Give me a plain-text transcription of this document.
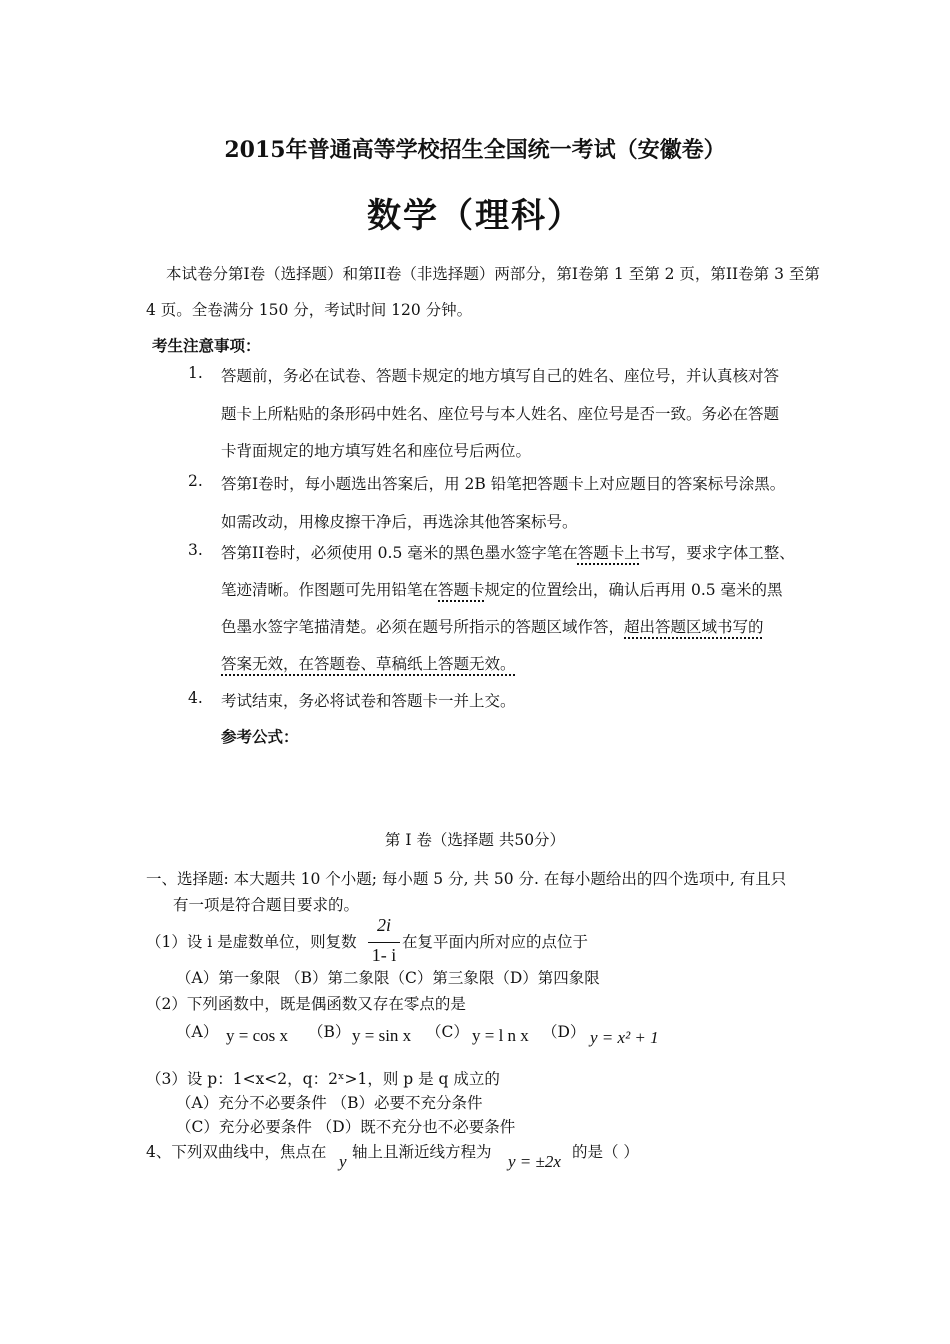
2015年普通高等学校招生全国统一考试（安徽卷）
数学（理科）
本试卷分第I卷（选择题）和第II卷（非选择题）两部分，第I卷第 1 至第 2 页，第II卷第 3 至第
4 页。全卷满分 150 分，考试时间 120 分钟。
考生注意事项：
1. 答题前，务必在试卷、答题卡规定的地方填写自己的姓名、座位号，并认真核对答
题卡上所粘贴的条形码中姓名、座位号与本人姓名、座位号是否一致。务必在答题
卡背面规定的地方填写姓名和座位号后两位。
2. 答第I卷时，每小题选出答案后，用 2B 铅笔把答题卡上对应题目的答案标号涂黑。
如需改动，用橡皮擦干净后，再选涂其他答案标号。
3. 答第II卷时，必须使用 0.5 毫米的黑色墨水签字笔在答题卡上书写，要求字体工整、
笔迹清晰。作图题可先用铅笔在答题卡规定的位置绘出，确认后再用 0.5 毫米的黑
色墨水签字笔描清楚。必须在题号所指示的答题区域作答，超出答题区域书写的
答案无效，在答题卷、草稿纸上答题无效。
4. 考试结束，务必将试卷和答题卡一并上交。
参考公式：
第 I 卷（选择题 共50分）
一、选择题: 本大题共 10 个小题; 每小题 5 分, 共 50 分. 在每小题给出的四个选项中, 有且只
有一项是符合题目要求的。
（1）设 i 是虚数单位，则复数
2i
1- i
在复平面内所对应的点位于
（A）第一象限 （B）第二象限（C）第三象限（D）第四象限
（2）下列函数中，既是偶函数又存在零点的是
（A） y = cos x （B） y = sin x （C） y = l n x （D） y = x² + 1
（3）设 p：1<x<2，q：2ˣ>1，则 p 是 q 成立的
（A）充分不必要条件 （B）必要不充分条件
（C）充分必要条件 （D）既不充分也不必要条件
4、下列双曲线中，焦点在 y 轴上且渐近线方程为 y = ±2x 的是（ ）
